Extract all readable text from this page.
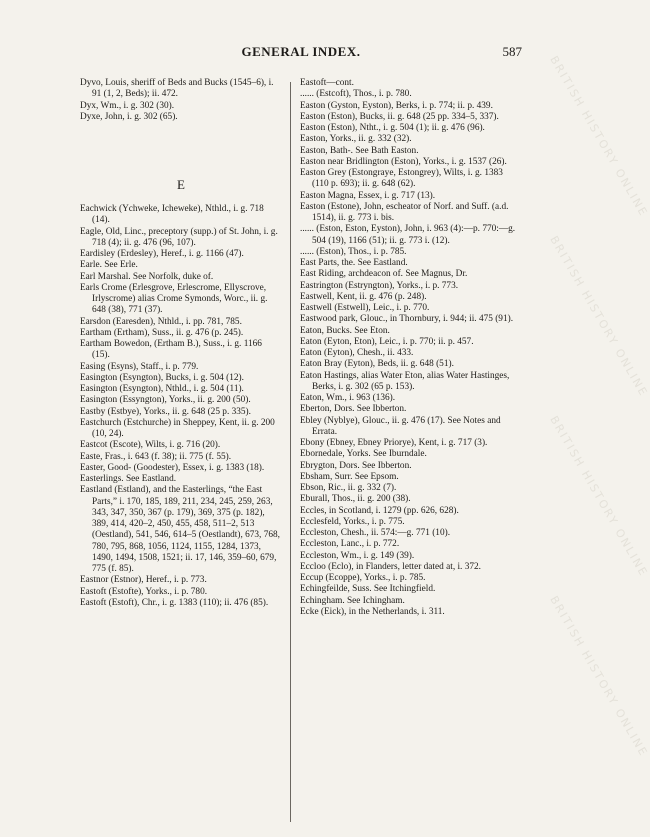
GENERAL INDEX.	587

Dyvo, Louis, sheriff of Beds and Bucks (1545–6), i. 91 (1, 2, Beds); ii. 472.

Dyx, Wm., i. g. 302 (30).

Dyxe, John, i. g. 302 (65).

E

Eachwick (Ychweke, Icheweke), Nthld., i. g. 718 (14).

Eagle, Old, Linc., preceptory (supp.) of St. John, i. g. 718 (4); ii. g. 476 (96, 107).

Eardisley (Erdesley), Heref., i. g. 1166 (47).

Earle. See Erle.

Earl Marshal. See Norfolk, duke of.

Earls Crome (Erlesgrove, Erlescrome, Ellyscrove, Irlyscrome) alias Crome Symonds, Worc., ii. g. 648 (38), 771 (37).

Earsdon (Earesden), Nthld., i. pp. 781, 785.

Eartham (Ertham), Suss., ii. g. 476 (p. 245).

Eartham Bowedon, (Ertham B.), Suss., i. g. 1166 (15).

Easing (Esyns), Staff., i. p. 779.

Easington (Esyngton), Bucks, i. g. 504 (12).

Easington (Esyngton), Nthld., i. g. 504 (11).

Easington (Essyngton), Yorks., ii. g. 200 (50).

Eastby (Estbye), Yorks., ii. g. 648 (25 p. 335).

Eastchurch (Estchurche) in Sheppey, Kent, ii. g. 200 (10, 24).

Eastcot (Escote), Wilts, i. g. 716 (20).

Easte, Fras., i. 643 (f. 38); ii. 775 (f. 55).

Easter, Good- (Goodester), Essex, i. g. 1383 (18).

Easterlings. See Eastland.

Eastland (Estland), and the Easterlings, “the East Parts,” i. 170, 185, 189, 211, 234, 245, 259, 263, 343, 347, 350, 367 (p. 179), 369, 375 (p. 182), 389, 414, 420–2, 450, 455, 458, 511–2, 513 (Oestland), 541, 546, 614–5 (Oestlandt), 673, 768, 780, 795, 868, 1056, 1124, 1155, 1284, 1373, 1490, 1494, 1508, 1521; ii. 17, 146, 359–60, 679, 775 (f. 85).

Eastnor (Estnor), Heref., i. p. 773.

Eastoft (Estofte), Yorks., i. p. 780.

Eastoft (Estoft), Chr., i. g. 1383 (110); ii. 476 (85).

Eastoft—cont.

...... (Estcoft), Thos., i. p. 780.

Easton (Gyston, Eyston), Berks, i. p. 774; ii. p. 439.

Easton (Eston), Bucks, ii. g. 648 (25 pp. 334–5, 337).

Easton (Eston), Ntht., i. g. 504 (1); ii. g. 476 (96).

Easton, Yorks., ii. g. 332 (32).

Easton, Bath-. See Bath Easton.

Easton near Bridlington (Eston), Yorks., i. g. 1537 (26).

Easton Grey (Estongraye, Estongrey), Wilts, i. g. 1383 (110 p. 693); ii. g. 648 (62).

Easton Magna, Essex, i. g. 717 (13).

Easton (Estone), John, escheator of Norf. and Suff. (a.d. 1514), ii. g. 773 i. bis.

...... (Eston, Eston, Eyston), John, i. 963 (4):—p. 770:—g. 504 (19), 1166 (51); ii. g. 773 i. (12).

...... (Eston), Thos., i. p. 785.

East Parts, the. See Eastland.

East Riding, archdeacon of. See Magnus, Dr.

Eastrington (Estryngton), Yorks., i. p. 773.

Eastwell, Kent, ii. g. 476 (p. 248).

Eastwell (Estwell), Leic., i. p. 770.

Eastwood park, Glouc., in Thornbury, i. 944; ii. 475 (91).

Eaton, Bucks. See Eton.

Eaton (Eyton, Eton), Leic., i. p. 770; ii. p. 457.

Eaton (Eyton), Chesh., ii. 433.

Eaton Bray (Eyton), Beds, ii. g. 648 (51).

Eaton Hastings, alias Water Eton, alias Water Hastinges, Berks, i. g. 302 (65 p. 153).

Eaton, Wm., i. 963 (136).

Eberton, Dors. See Ibberton.

Ebley (Nyblye), Glouc., ii. g. 476 (17). See Notes and Errata.

Ebony (Ebney, Ebney Priorye), Kent, i. g. 717 (3).

Ebornedale, Yorks. See Iburndale.

Ebrygton, Dors. See Ibberton.

Ebsham, Surr. See Epsom.

Ebson, Ric., ii. g. 332 (7).

Eburall, Thos., ii. g. 200 (38).

Eccles, in Scotland, i. 1279 (pp. 626, 628).

Ecclesfeld, Yorks., i. p. 775.

Eccleston, Chesh., ii. 574:—g. 771 (10).

Eccleston, Lanc., i. p. 772.

Eccleston, Wm., i. g. 149 (39).

Eccloo (Eclo), in Flanders, letter dated at, i. 372.

Eccup (Ecoppe), Yorks., i. p. 785.

Echingfeilde, Suss. See Itchingfield.

Echingham. See Ichingham.

Ecke (Eick), in the Netherlands, i. 311.

BRITISH HISTORY ONLINE
BRITISH HISTORY ONLINE
BRITISH HISTORY ONLINE
BRITISH HISTORY ONLINE
